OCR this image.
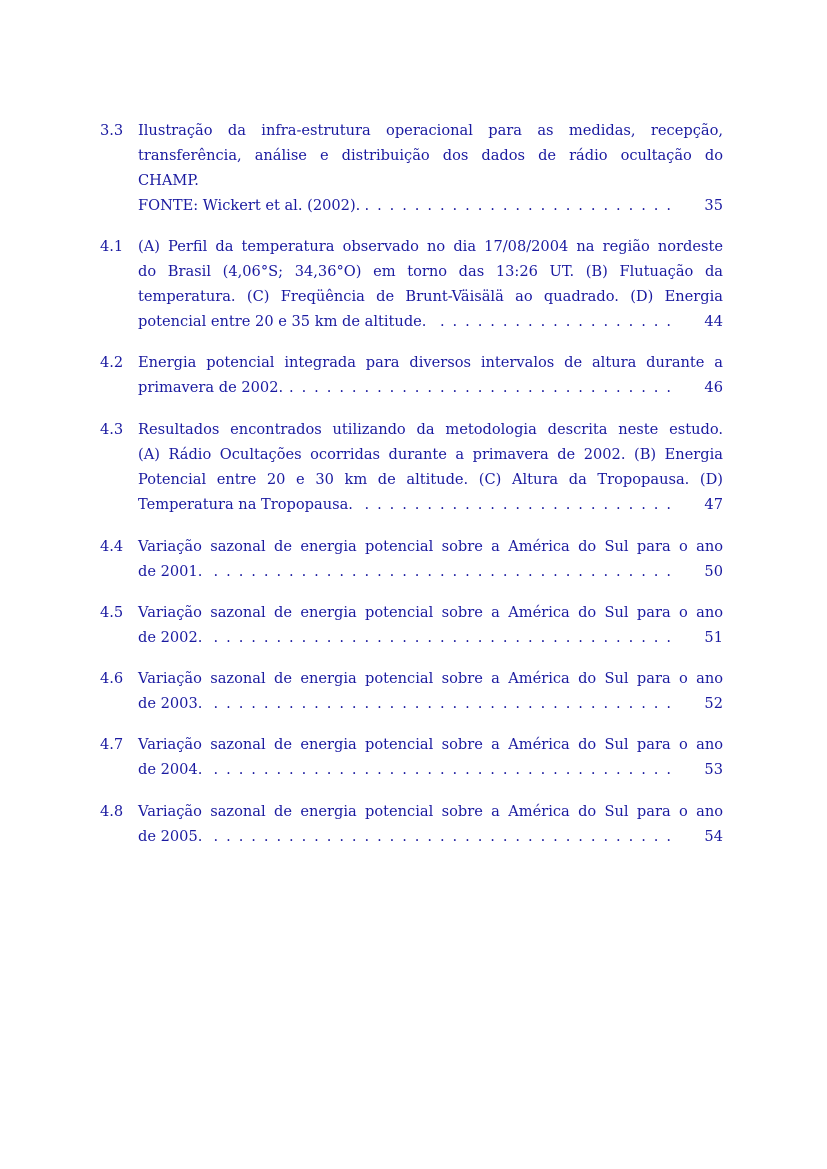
3.3	Ilustração da infra-estrutura operacional para as medidas, recepção,
transferência, análise e distribuição dos dados de rádio ocultação do
CHAMP.
FONTE: Wickert et al. (2002). . . .	35
4.1	(A) Perfil da temperatura observado no dia 17/08/2004 na região nordeste
do Brasil (4,06°S; 34,36°O) em torno das 13:26 UT. (B) Flutuação da
temperatura. (C) Freqüência de Brunt-Väisälä ao quadrado. (D) Energia
potencial entre 20 e 35 km de altitude. . . .	44
4.2	Energia potencial integrada para diversos intervalos de altura durante a
primavera de 2002. . . .	46
4.3	Resultados encontrados utilizando da metodologia descrita neste estudo.
(A) Rádio Ocultações ocorridas durante a primavera de 2002. (B) Energia
Potencial entre 20 e 30 km de altitude. (C) Altura da Tropopausa. (D)
Temperatura na Tropopausa. . . .	47
4.4	Variação sazonal de energia potencial sobre a América do Sul para o ano
de 2001. . . .	50
4.5	Variação sazonal de energia potencial sobre a América do Sul para o ano
de 2002. . . .	51
4.6	Variação sazonal de energia potencial sobre a América do Sul para o ano
de 2003. . . .	52
4.7	Variação sazonal de energia potencial sobre a América do Sul para o ano
de 2004. . . .	53
4.8	Variação sazonal de energia potencial sobre a América do Sul para o ano
de 2005. . . .	54
